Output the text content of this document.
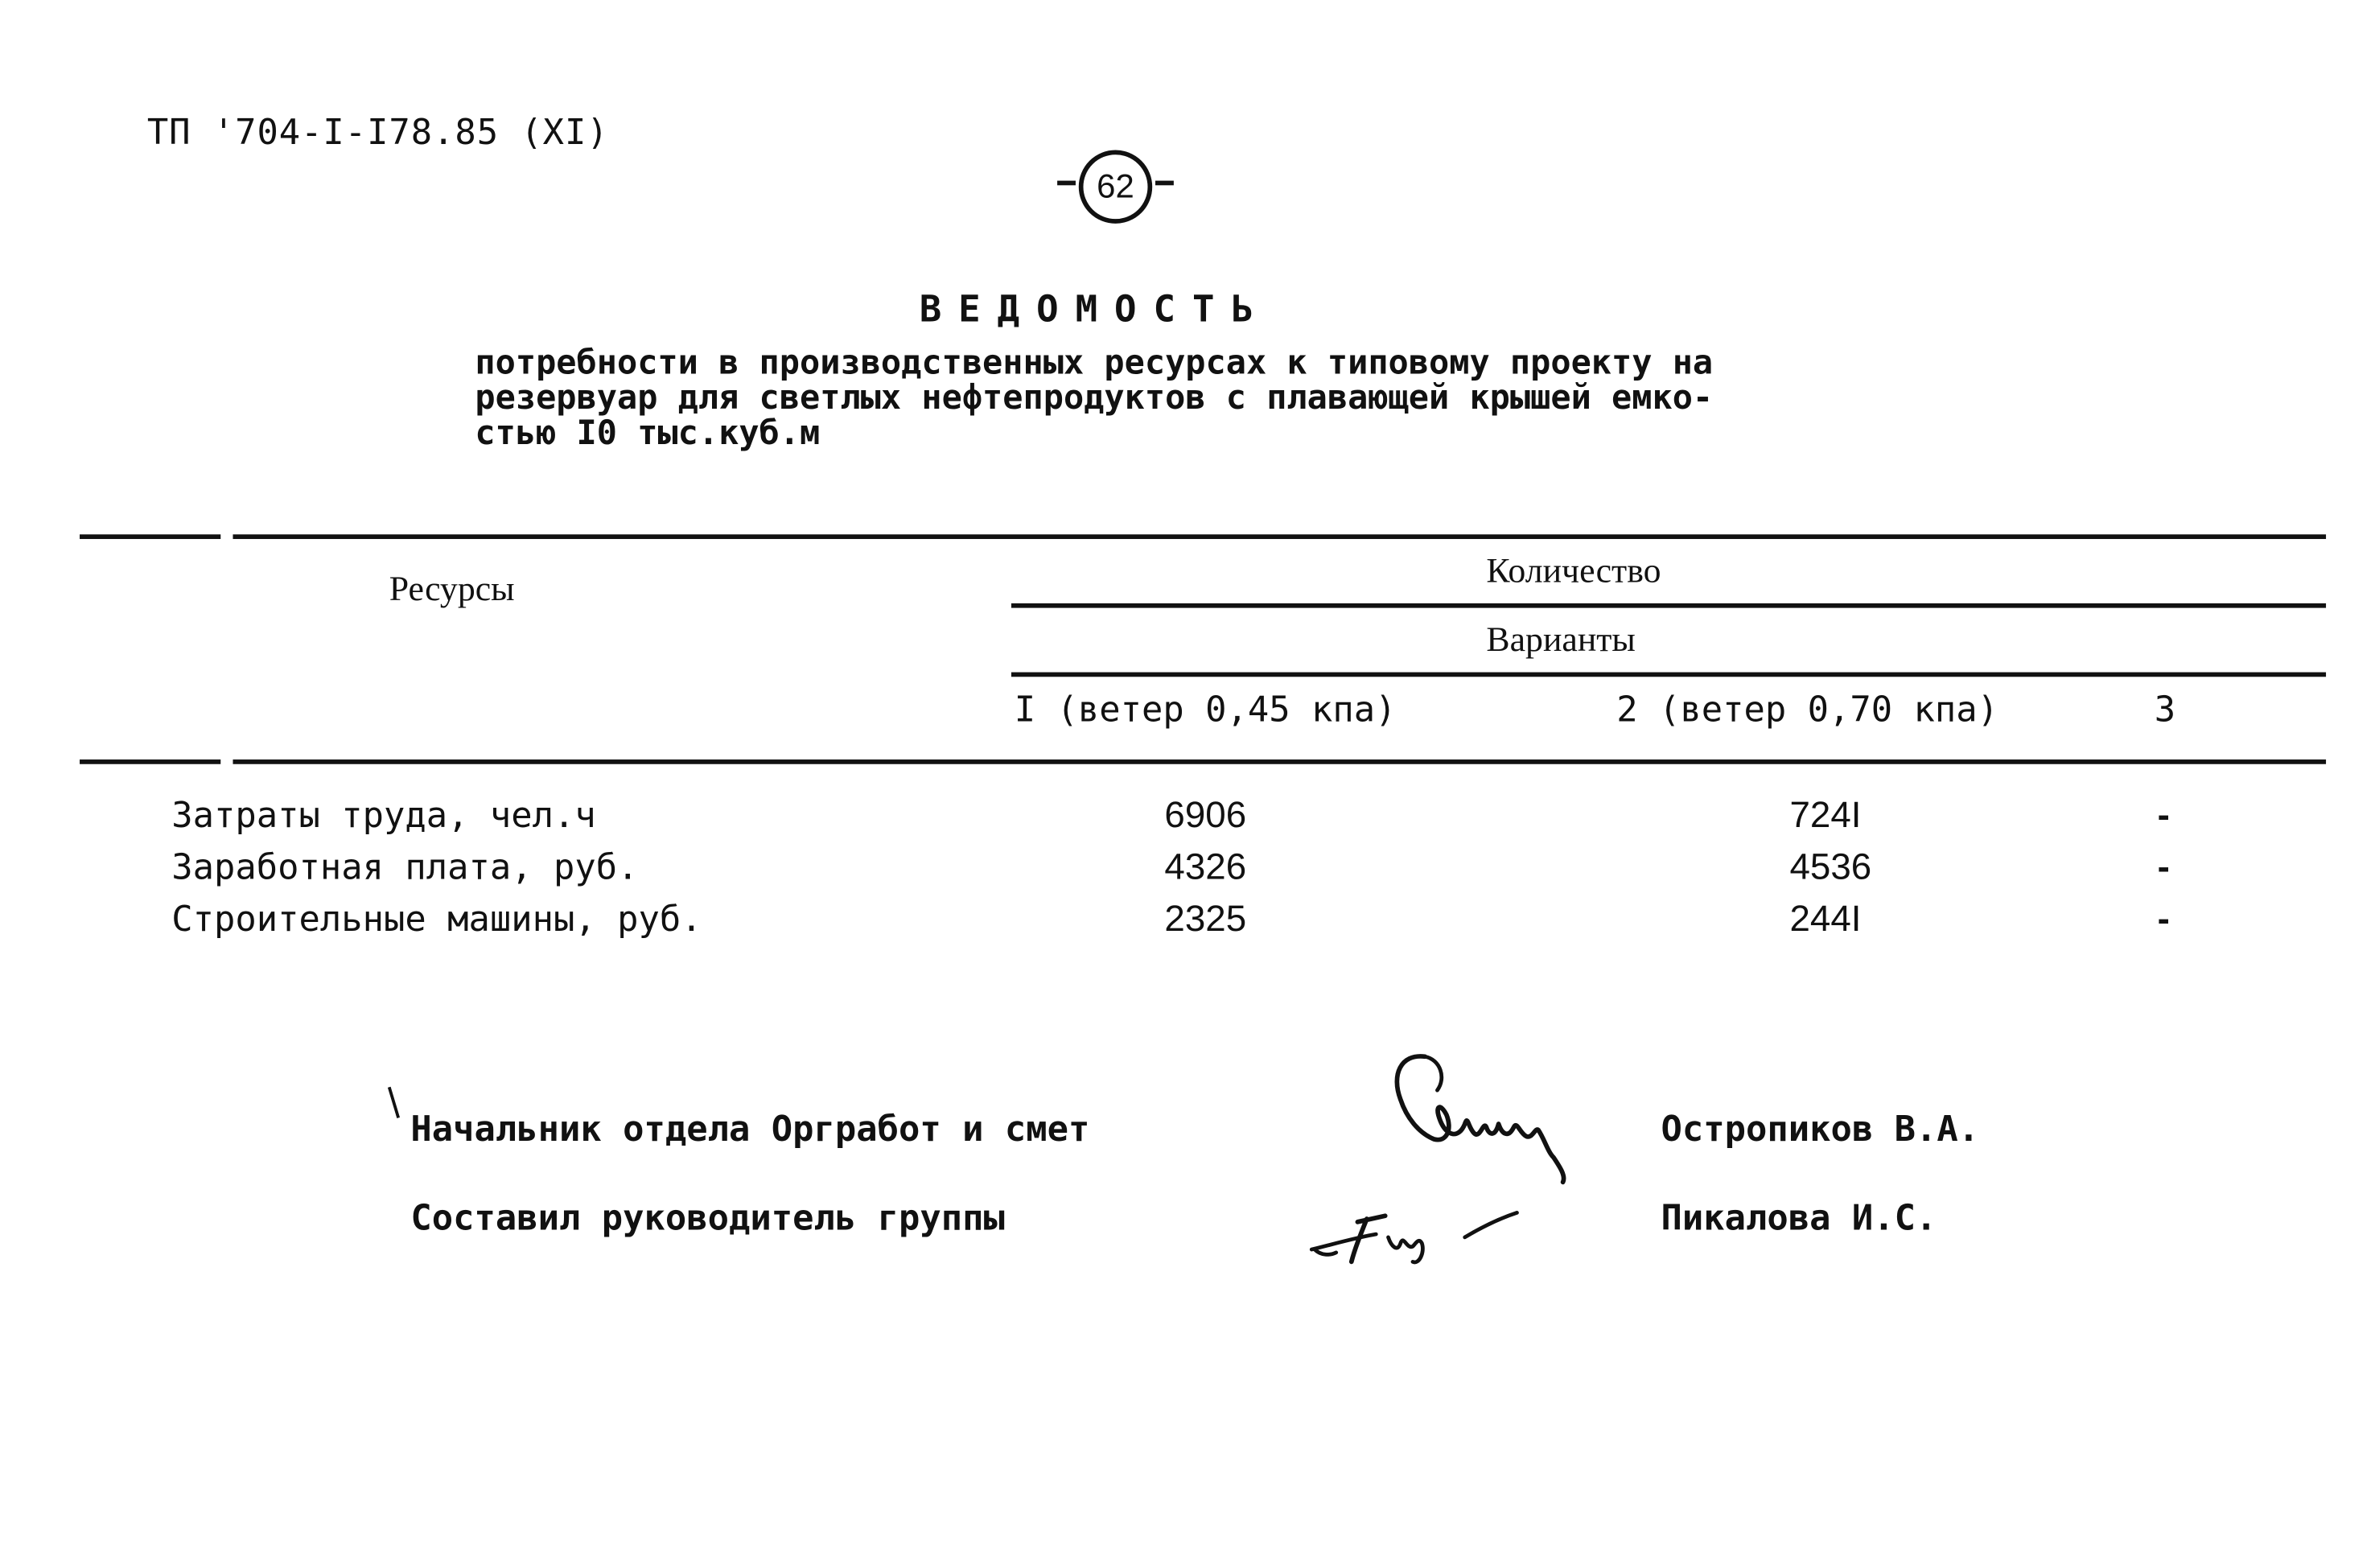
ТП '704-I-I78.85 (XI)
62
ВЕДОМОСТЬ
потребности в производственных ресурсах к типовому проекту на
резервуар для светлых нефтепродуктов с плавающей крышей емко-
стью I0 тыс.куб.м
Ресурсы	Количество
Варианты
I (ветер 0,45 кпа)	2 (ветер 0,70 кпа)	3
Затраты труда, чел.ч	6906	724I	-
Заработная плата, руб.	4326	4536	-
Строительные машины, руб.	2325	244I	-
Начальник отдела Оргработ и смет	Остропиков В.А.
Составил руководитель группы	Пикалова И.С.
